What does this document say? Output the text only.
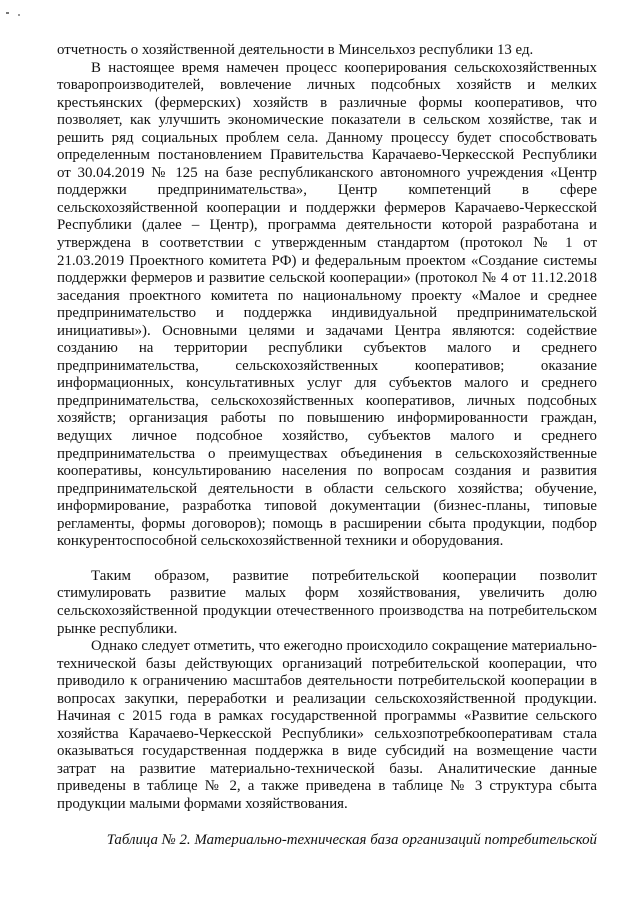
отчетность о хозяйственной деятельности в Минсельхоз республики 13 ед.

В настоящее время намечен процесс кооперирования сельскохозяйственных товаропроизводителей, вовлечение личных подсобных хозяйств и мелких крестьянских (фермерских) хозяйств в различные формы кооперативов, что позволяет, как улучшить экономические показатели в сельском хозяйстве, так и решить ряд социальных проблем села. Данному процессу будет способствовать определенным постановлением Правительства Карачаево-Черкесской Республики от 30.04.2019 № 125 на базе республиканского автономного учреждения «Центр поддержки предпринимательства», Центр компетенций в сфере сельскохозяйственной кооперации и поддержки фермеров Карачаево-Черкесской Республики (далее – Центр), программа деятельности которой разработана и утверждена в соответствии с утвержденным стандартом (протокол № 1 от 21.03.2019 Проектного комитета РФ) и федеральным проектом «Создание системы поддержки фермеров и развитие сельской кооперации» (протокол № 4 от 11.12.2018 заседания проектного комитета по национальному проекту «Малое и среднее предпринимательство и поддержка индивидуальной предпринимательской инициативы»). Основными целями и задачами Центра являются: содействие созданию на территории республики субъектов малого и среднего предпринимательства, сельскохозяйственных кооперативов; оказание информационных, консультативных услуг для субъектов малого и среднего предпринимательства, сельскохозяйственных кооперативов, личных подсобных хозяйств; организация работы по повышению информированности граждан, ведущих личное подсобное хозяйство, субъектов малого и среднего предпринимательства о преимуществах объединения в сельскохозяйственные кооперативы, консультированию населения по вопросам создания и развития предпринимательской деятельности в области сельского хозяйства; обучение, информирование, разработка типовой документации (бизнес-планы, типовые регламенты, формы договоров); помощь в расширении сбыта продукции, подбор конкурентоспособной сельскохозяйственной техники и оборудования.

Таким образом, развитие потребительской кооперации позволит стимулировать развитие малых форм хозяйствования, увеличить долю сельскохозяйственной продукции отечественного производства на потребительском рынке республики.

Однако следует отметить, что ежегодно происходило сокращение материально-технической базы действующих организаций потребительской кооперации, что приводило к ограничению масштабов деятельности потребительской кооперации в вопросах закупки, переработки и реализации сельскохозяйственной продукции. Начиная с 2015 года в рамках государственной программы «Развитие сельского хозяйства Карачаево-Черкесской Республики» сельхозпотребкооперативам стала оказываться государственная поддержка в виде субсидий на возмещение части затрат на развитие материально-технической базы. Аналитические данные приведены в таблице № 2, а также приведена в таблице № 3 структура сбыта продукции малыми формами хозяйствования.

Таблица № 2. Материально-техническая база организаций потребительской
